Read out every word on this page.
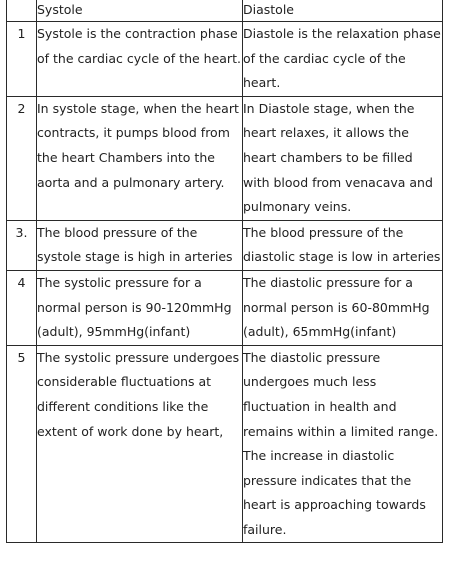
	Systole	Diastole
1	Systole is the contraction phase of the cardiac cycle of the heart.	Diastole is the relaxation phase of the cardiac cycle of the heart.
2	In systole stage, when the heart contracts, it pumps blood from the heart Chambers into the aorta and a pulmonary artery.	In Diastole stage, when the heart relaxes, it allows the heart chambers to be filled with blood from venacava and pulmonary veins.
3.	The blood pressure of the systole stage is high in arteries	The blood pressure of the diastolic stage is low in arteries
4	The systolic pressure for a normal person is 90-120mmHg (adult), 95mmHg(infant)	The diastolic pressure for a normal person is 60-80mmHg (adult), 65mmHg(infant)
5	The systolic pressure undergoes considerable fluctuations at different conditions like the extent of work done by heart,	The diastolic pressure undergoes much less fluctuation in health and remains within a limited range. The increase in diastolic pressure indicates that the heart is approaching towards failure.
